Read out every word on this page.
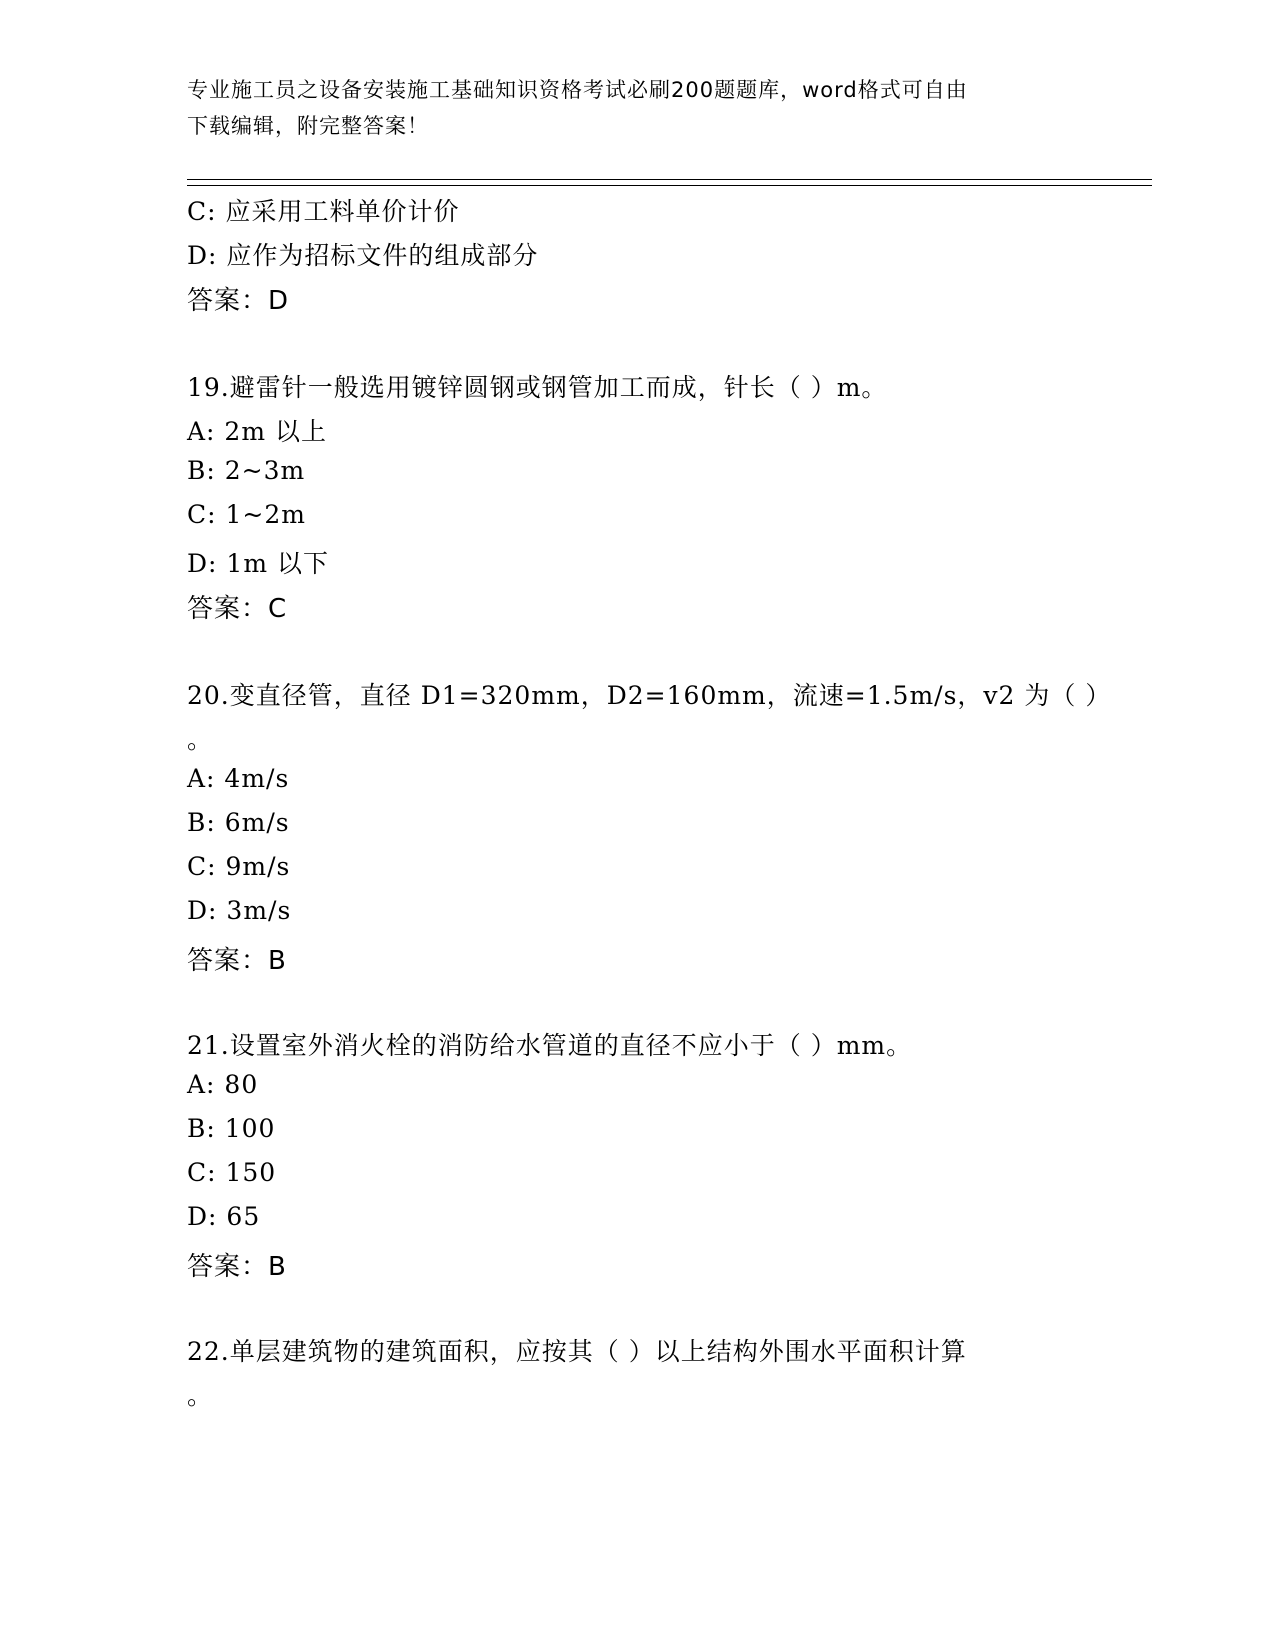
专业施工员之设备安装施工基础知识资格考试必刷200题题库，word格式可自由
下载编辑，附完整答案！
C: 应采用工料单价计价
D: 应作为招标文件的组成部分
答案：D
19.避雷针一般选用镀锌圆钢或钢管加工而成，针长（ ）m。
A: 2m 以上
B: 2~3m
C: 1~2m
D: 1m 以下
答案：C
20.变直径管，直径 D1=320mm，D2=160mm，流速=1.5m/s，v2 为（ ）
。
A: 4m/s
B: 6m/s
C: 9m/s
D: 3m/s
答案：B
21.设置室外消火栓的消防给水管道的直径不应小于（ ）mm。
A: 80
B: 100
C: 150
D: 65
答案：B
22.单层建筑物的建筑面积，应按其（ ）以上结构外围水平面积计算
。
